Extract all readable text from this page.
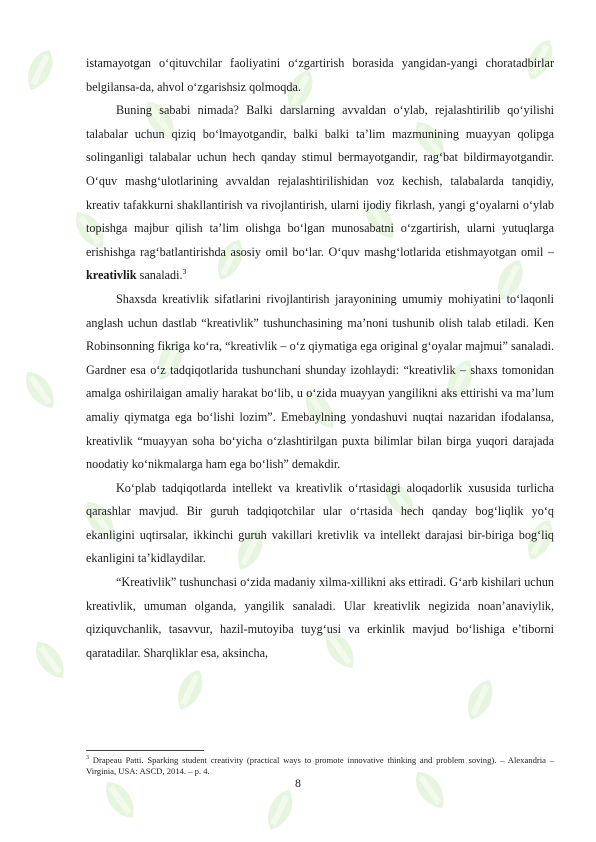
istamayotgan o‘qituvchilar faoliyatini o‘zgartirish borasida yangidan-yangi choratadbirlar belgilansa-da, ahvol o‘zgarishsiz qolmoqda.

Buning sababi nimada? Balki darslarning avvaldan o‘ylab, rejalashtirilib qo‘yilishi talabalar uchun qiziq bo‘lmayotgandir, balki balki ta’lim mazmunining muayyan qolipga solinganligi talabalar uchun hech qanday stimul bermayotgandir, rag‘bat bildirmayotgandir. O‘quv mashg‘ulotlarining avvaldan rejalashtirilishidan voz kechish, talabalarda tanqidiy, kreativ tafakkurni shakllantirish va rivojlantirish, ularni ijodiy fikrlash, yangi g‘oyalarni o‘ylab topishga majbur qilish ta’lim olishga bo‘lgan munosabatni o‘zgartirish, ularni yutuqlarga erishishga rag‘batlantirishda asosiy omil bo‘lar. O‘quv mashg‘lotlarida etishmayotgan omil – kreativlik sanaladi.$^3$

Shaxsda kreativlik sifatlarini rivojlantirish jarayonining umumiy mohiyatini to‘laqonli anglash uchun dastlab “kreativlik” tushunchasining ma’noni tushunib olish talab etiladi. Ken Robinsonning fikriga ko‘ra, “kreativlik – o‘z qiymatiga ega original g‘oyalar majmui” sanaladi. Gardner esa o‘z tadqiqotlarida tushunchani shunday izohlaydi: “kreativlik – shaxs tomonidan amalga oshirilaigan amaliy harakat bo‘lib, u o‘zida muayyan yangilikni aks ettirishi va ma’lum amaliy qiymatga ega bo‘lishi lozim”. Emebaylning yondashuvi nuqtai nazaridan ifodalansa, kreativlik “muayyan soha bo‘yicha o‘zlashtirilgan puxta bilimlar bilan birga yuqori darajada noodatiy ko‘nikmalarga ham ega bo‘lish” demakdir.

Ko‘plab tadqiqotlarda intellekt va kreativlik o‘rtasidagi aloqadorlik xususida turlicha qarashlar mavjud. Bir guruh tadqiqotchilar ular o‘rtasida hech qanday bog‘liqlik yo‘q ekanligini uqtirsalar, ikkinchi guruh vakillari kretivlik va intellekt darajasi bir-biriga bog‘liq ekanligini ta’kidlaydilar.

“Kreativlik” tushunchasi o‘zida madaniy xilma-xillikni aks ettiradi. G‘arb kishilari uchun kreativlik, umuman olganda, yangilik sanaladi. Ular kreativlik negizida noan’anaviylik, qiziquvchanlik, tasavvur, hazil-mutoyiba tuyg‘usi va erkinlik mavjud bo‘lishiga e’tiborni qaratadilar. Sharqliklar esa, aksincha,

$^3$ Drapeau Patti. Sparking student creativity (practical ways to promote innovative thinking and problem soving). – Alexandria – Virginia, USA: ASCD, 2014. – p. 4.
8
